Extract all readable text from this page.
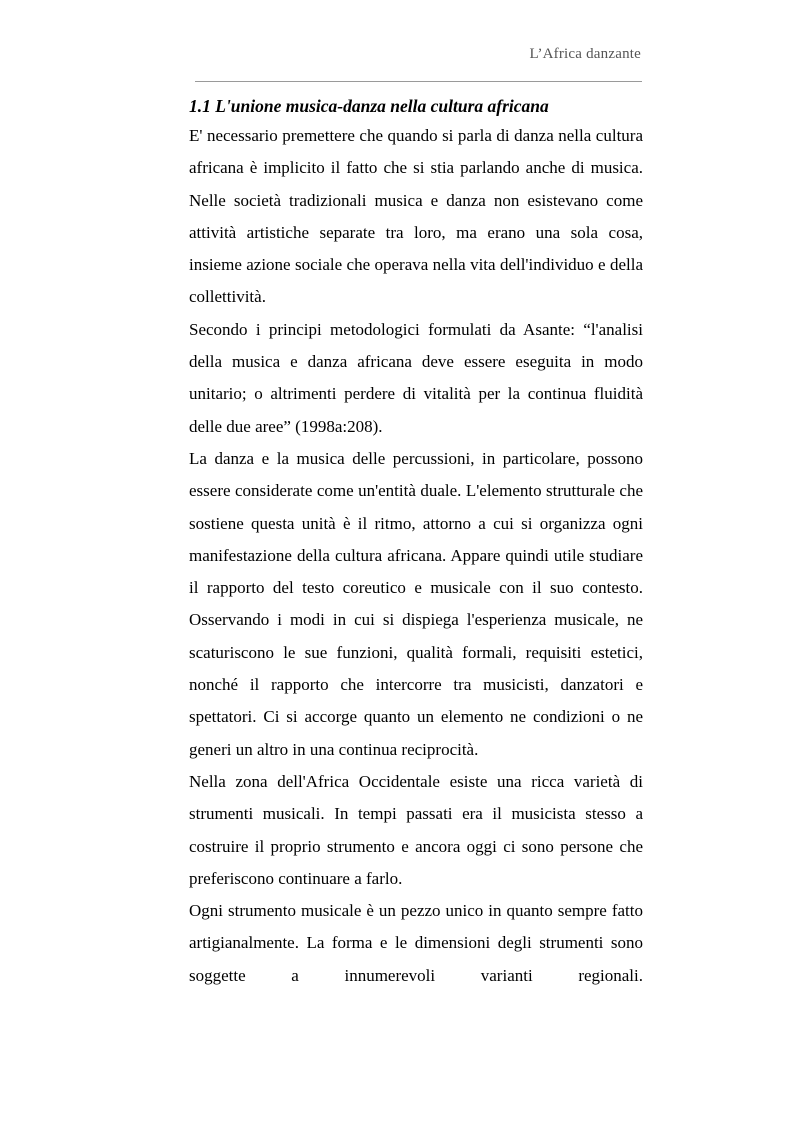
L’Africa danzante
1.1 L'unione musica-danza nella cultura africana

E' necessario premettere che quando si parla di danza nella cultura africana è implicito il fatto che si stia parlando anche di musica. Nelle società tradizionali musica e danza non esistevano come attività artistiche separate tra loro, ma erano una sola cosa, insieme azione sociale che operava nella vita dell'individuo e della collettività.

Secondo i principi metodologici formulati da Asante: “l'analisi della musica e danza africana deve essere eseguita in modo unitario; o altrimenti perdere di vitalità per la continua fluidità delle due aree” (1998a:208).

La danza e la musica delle percussioni, in particolare, possono essere considerate come un'entità duale. L'elemento strutturale che sostiene questa unità è il ritmo, attorno a cui si organizza ogni manifestazione della cultura africana. Appare quindi utile studiare il rapporto del testo coreutico e musicale con il suo contesto. Osservando i modi in cui si dispiega l'esperienza musicale, ne scaturiscono le sue funzioni, qualità formali, requisiti estetici, nonché il rapporto che intercorre tra musicisti, danzatori e spettatori. Ci si accorge quanto un elemento ne condizioni o ne generi un altro in una continua reciprocità.

Nella zona dell'Africa Occidentale esiste una ricca varietà di strumenti musicali. In tempi passati era il musicista stesso a costruire il proprio strumento e ancora oggi ci sono persone che preferiscono continuare a farlo.

Ogni strumento musicale è un pezzo unico in quanto sempre fatto artigianalmente. La forma e le dimensioni degli strumenti sono soggette a innumerevoli varianti regionali.
